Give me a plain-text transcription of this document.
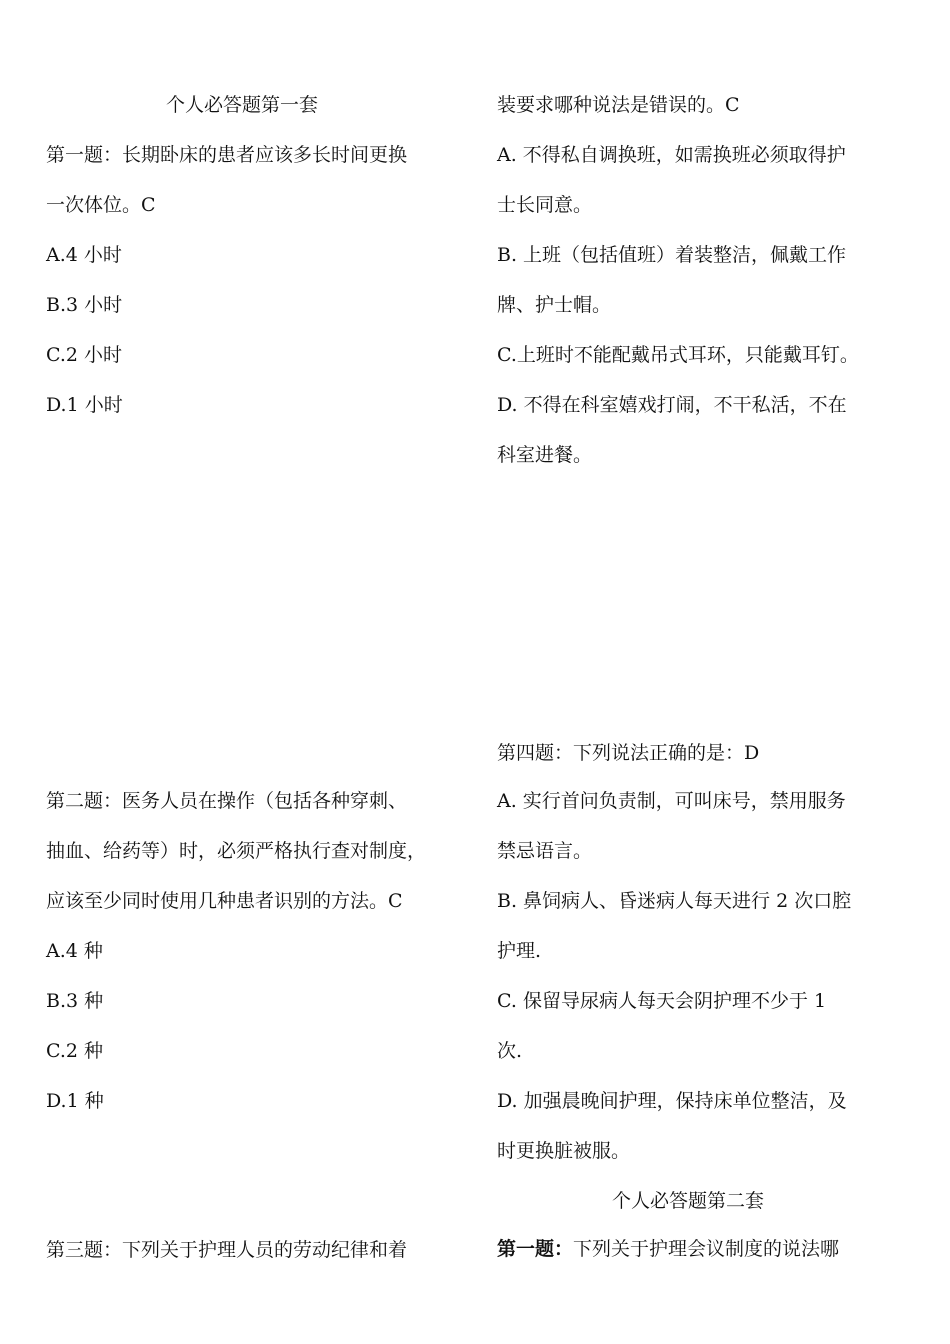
个人必答题第一套
第一题：长期卧床的患者应该多长时间更换
一次体位。C
A.4 小时
B.3 小时
C.2 小时
D.1 小时
第二题：医务人员在操作（包括各种穿刺、
抽血、给药等）时，必须严格执行查对制度，
应该至少同时使用几种患者识别的方法。C
A.4 种
B.3 种
C.2 种
D.1 种
第三题：下列关于护理人员的劳动纪律和着
装要求哪种说法是错误的。C
A. 不得私自调换班，如需换班必须取得护
士长同意。
B. 上班（包括值班）着装整洁，佩戴工作
牌、护士帽。
C.上班时不能配戴吊式耳环，只能戴耳钉。
D. 不得在科室嬉戏打闹，不干私活，不在
科室进餐。
第四题：下列说法正确的是：D
A. 实行首问负责制，可叫床号，禁用服务
禁忌语言。
B. 鼻饲病人、昏迷病人每天进行 2 次口腔
护理.
C. 保留导尿病人每天会阴护理不少于 1
次.
D. 加强晨晚间护理，保持床单位整洁，及
时更换脏被服。
个人必答题第二套
第一题：下列关于护理会议制度的说法哪
